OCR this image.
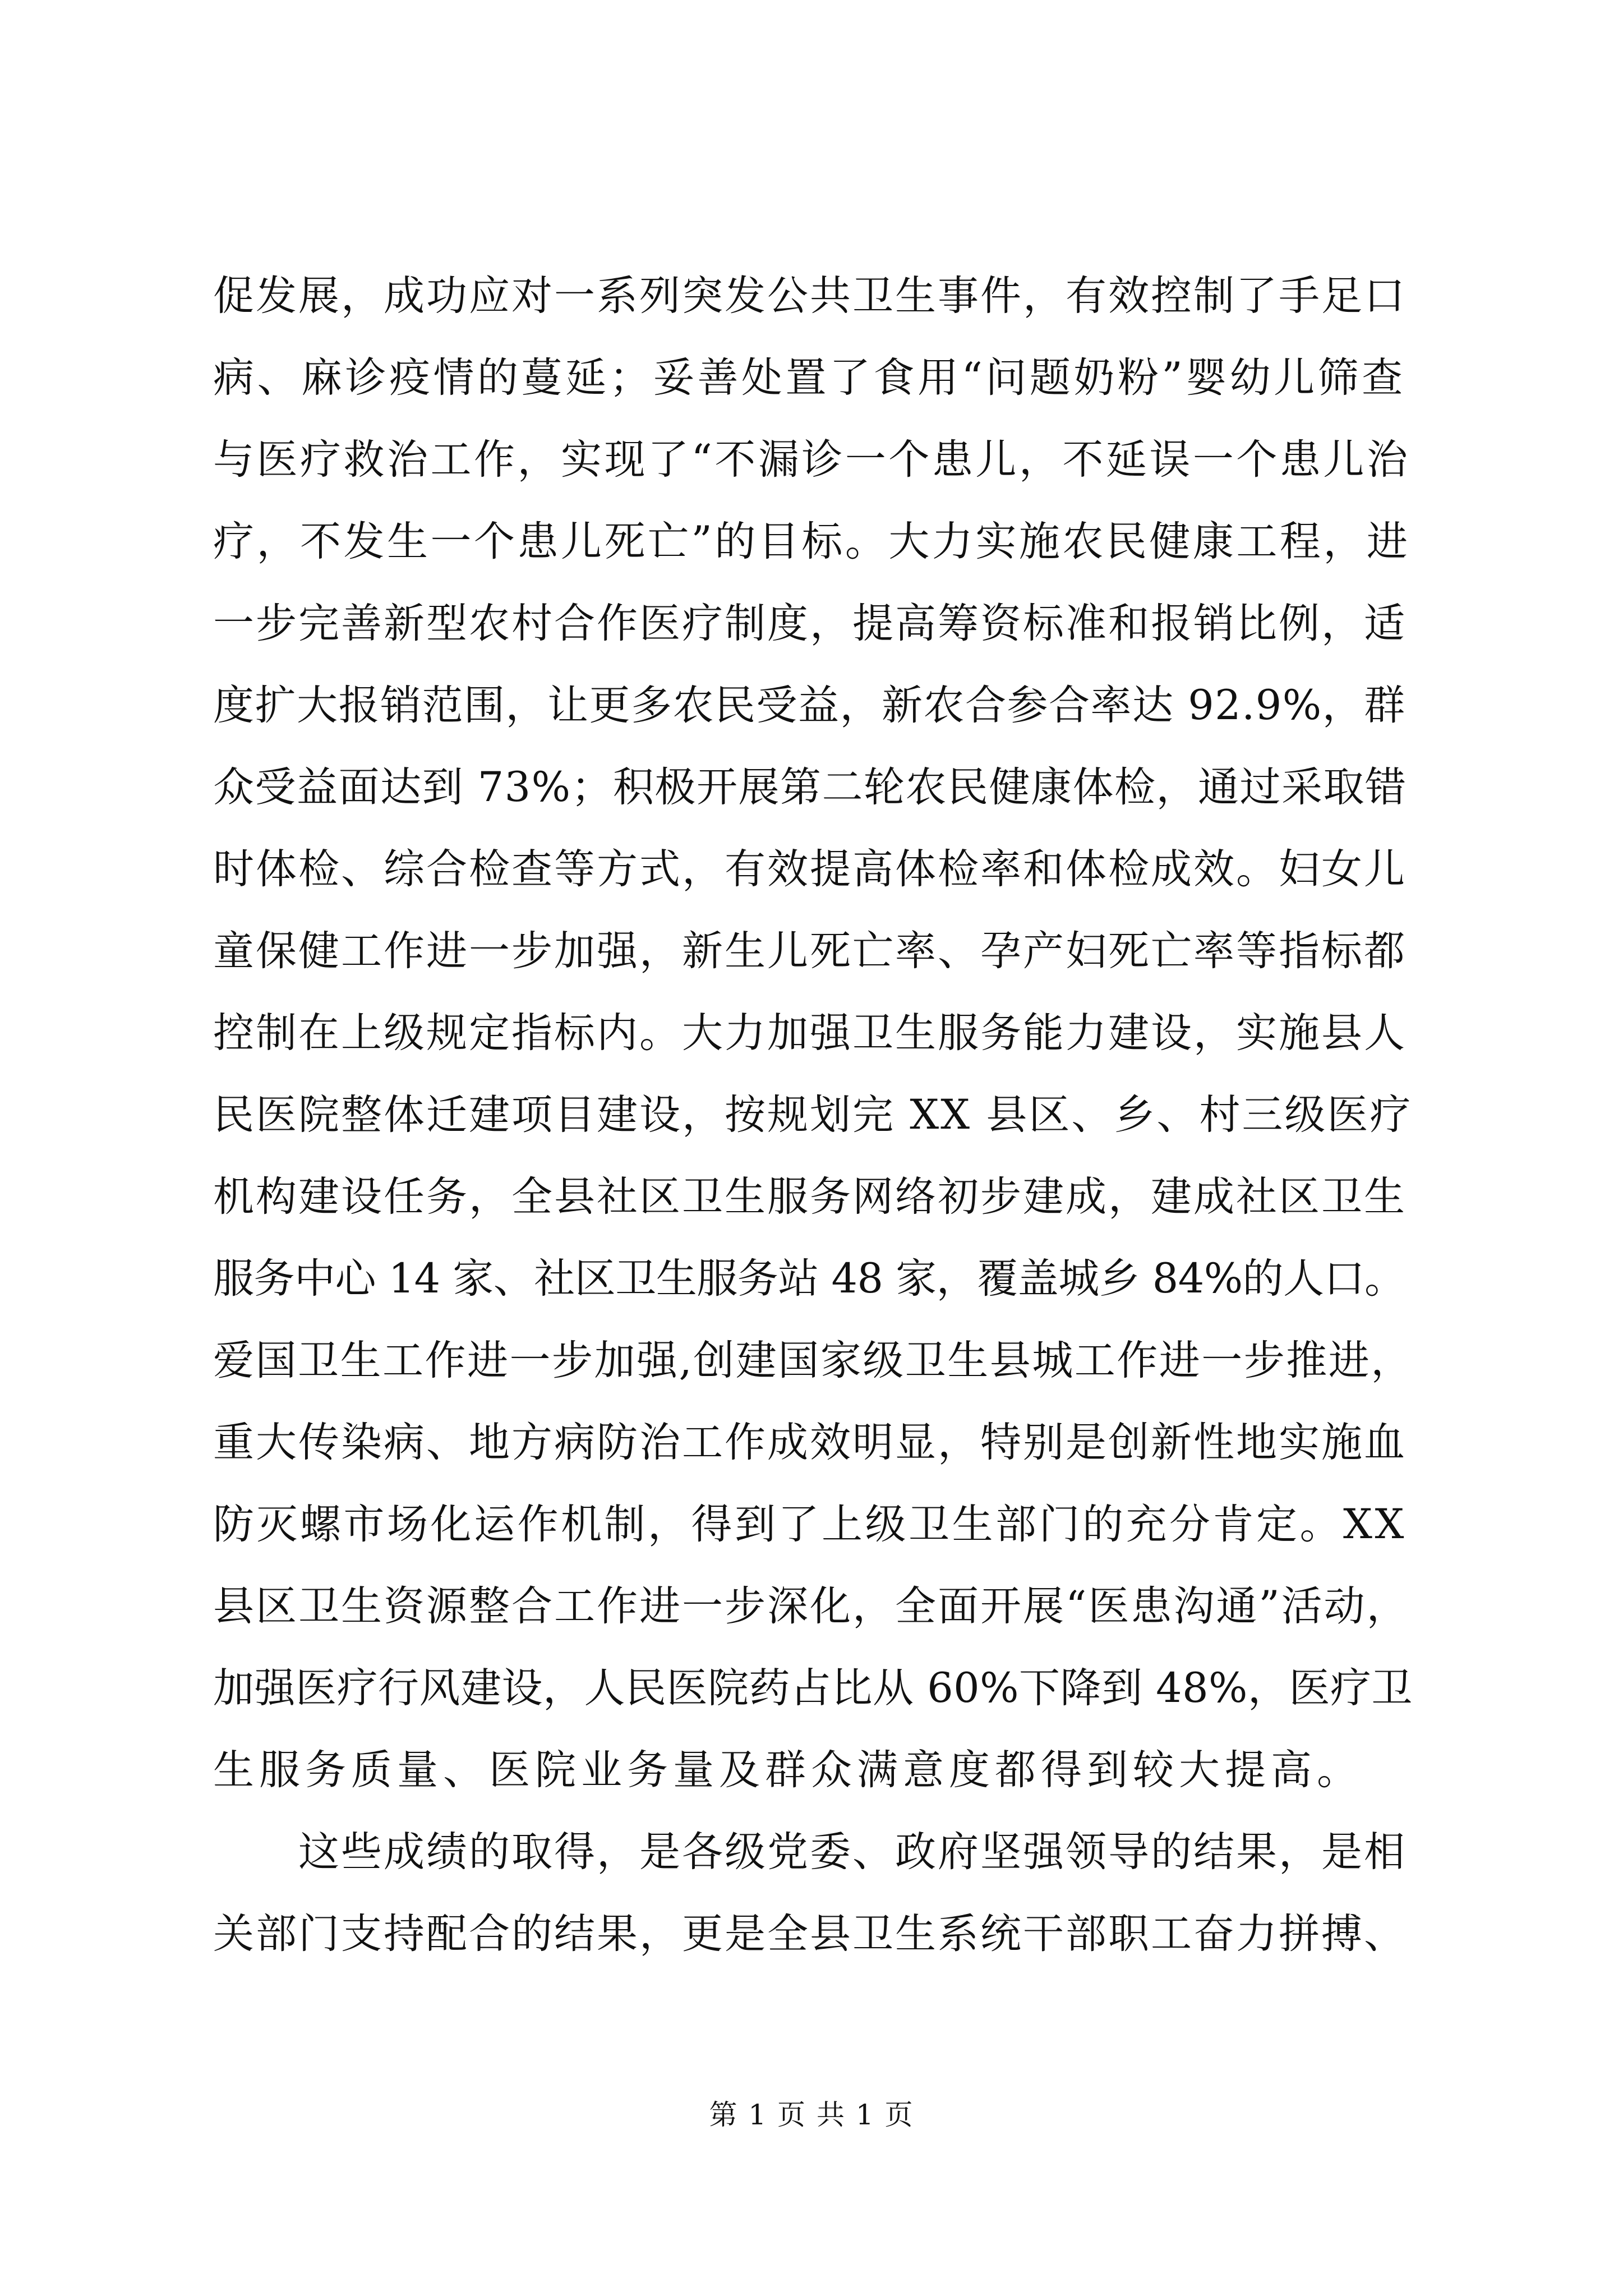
促发展，成功应对一系列突发公共卫生事件，有效控制了手足口
病、麻诊疫情的蔓延；妥善处置了食用“问题奶粉”婴幼儿筛查
与医疗救治工作，实现了“不漏诊一个患儿，不延误一个患儿治
疗，不发生一个患儿死亡”的目标。大力实施农民健康工程，进
一步完善新型农村合作医疗制度，提高筹资标准和报销比例，适
度扩大报销范围，让更多农民受益，新农合参合率达 92.9%，群
众受益面达到 73%；积极开展第二轮农民健康体检，通过采取错
时体检、综合检查等方式，有效提高体检率和体检成效。妇女儿
童保健工作进一步加强，新生儿死亡率、孕产妇死亡率等指标都
控制在上级规定指标内。大力加强卫生服务能力建设，实施县人
民医院整体迁建项目建设，按规划完 XX 县区、乡、村三级医疗
机构建设任务，全县社区卫生服务网络初步建成，建成社区卫生
服务中心 14 家、社区卫生服务站 48 家，覆盖城乡 84%的人口。
爱国卫生工作进一步加强,创建国家级卫生县城工作进一步推进，
重大传染病、地方病防治工作成效明显，特别是创新性地实施血
防灭螺市场化运作机制，得到了上级卫生部门的充分肯定。XX
县区卫生资源整合工作进一步深化，全面开展“医患沟通”活动，
加强医疗行风建设，人民医院药占比从 60%下降到 48%，医疗卫
生服务质量、医院业务量及群众满意度都得到较大提高。
这些成绩的取得，是各级党委、政府坚强领导的结果，是相
关部门支持配合的结果，更是全县卫生系统干部职工奋力拼搏、
第 1 页 共 1 页
